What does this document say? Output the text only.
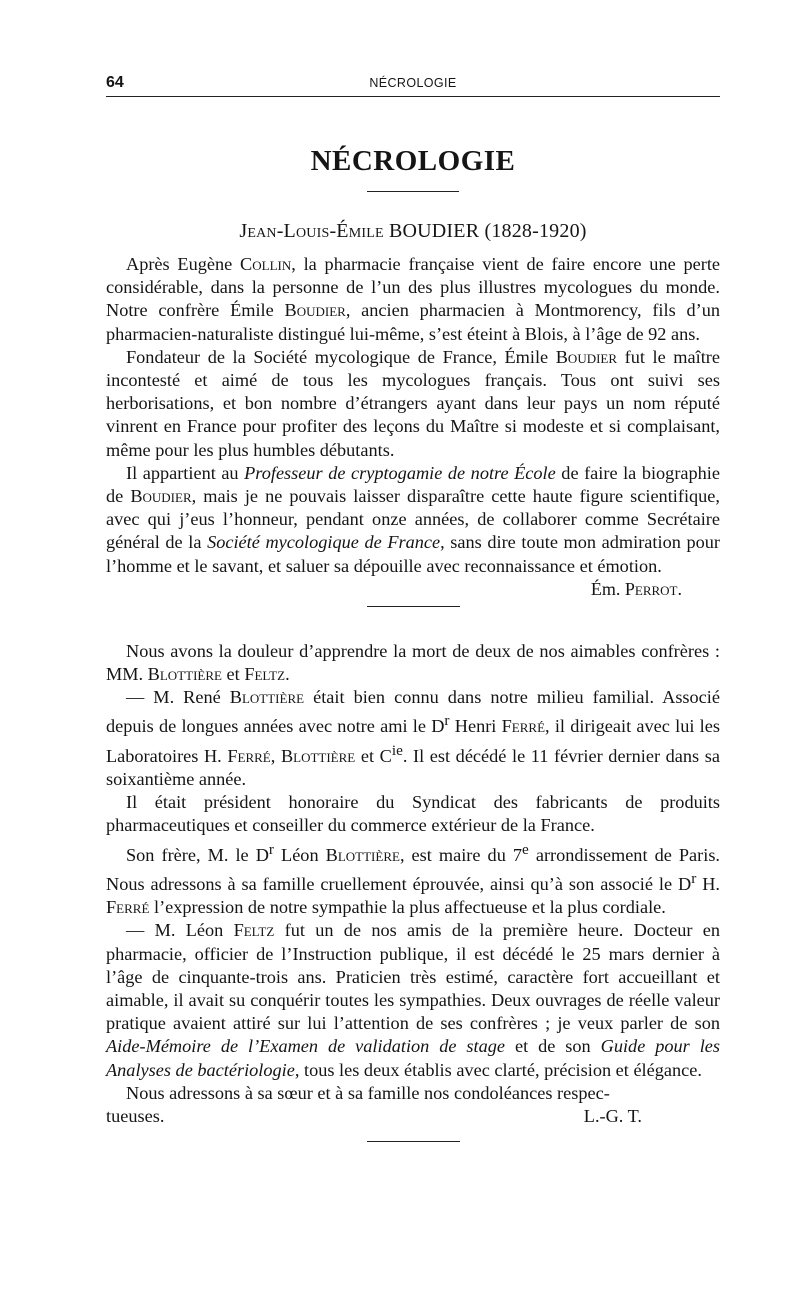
64	NÉCROLOGIE
NÉCROLOGIE
Jean-Louis-Émile BOUDIER (1828-1920)

Après Eugène Collin, la pharmacie française vient de faire encore une perte considérable, dans la personne de l’un des plus illustres mycologues du monde. Notre confrère Émile Boudier, ancien pharmacien à Montmorency, fils d’un pharmacien-naturaliste distingué lui-même, s’est éteint à Blois, à l’âge de 92 ans.

Fondateur de la Société mycologique de France, Émile Boudier fut le maître incontesté et aimé de tous les mycologues français. Tous ont suivi ses herborisations, et bon nombre d’étrangers ayant dans leur pays un nom réputé vinrent en France pour profiter des leçons du Maître si modeste et si complaisant, même pour les plus humbles débutants.

Il appartient au Professeur de cryptogamie de notre École de faire la biographie de Boudier, mais je ne pouvais laisser disparaître cette haute figure scientifique, avec qui j’eus l’honneur, pendant onze années, de collaborer comme Secrétaire général de la Société mycologique de France, sans dire toute mon admiration pour l’homme et le savant, et saluer sa dépouille avec reconnaissance et émotion.

Ém. Perrot.

Nous avons la douleur d’apprendre la mort de deux de nos aimables confrères : MM. Blottière et Feltz.

— M. René Blottière était bien connu dans notre milieu familial. Associé depuis de longues années avec notre ami le $D^r$ Henri Ferré, il dirigeait avec lui les Laboratoires H. Ferré, Blottière et $C^{ie}$. Il est décédé le 11 février dernier dans sa soixantième année.

Il était président honoraire du Syndicat des fabricants de produits pharmaceutiques et conseiller du commerce extérieur de la France.

Son frère, M. le $D^r$ Léon Blottière, est maire du 7e arrondissement de Paris. Nous adressons à sa famille cruellement éprouvée, ainsi qu’à son associé le $D^r$ H. Ferré l’expression de notre sympathie la plus affectueuse et la plus cordiale.

— M. Léon Feltz fut un de nos amis de la première heure. Docteur en pharmacie, officier de l’Instruction publique, il est décédé le 25 mars dernier à l’âge de cinquante-trois ans. Praticien très estimé, caractère fort accueillant et aimable, il avait su conquérir toutes les sympathies. Deux ouvrages de réelle valeur pratique avaient attiré sur lui l’attention de ses confrères ; je veux parler de son Aide-Mémoire de l’Examen de validation de stage et de son Guide pour les Analyses de bactériologie, tous les deux établis avec clarté, précision et élégance.

Nous adressons à sa sœur et à sa famille nos condoléances respec-

tueuses.	L.-G. T.
